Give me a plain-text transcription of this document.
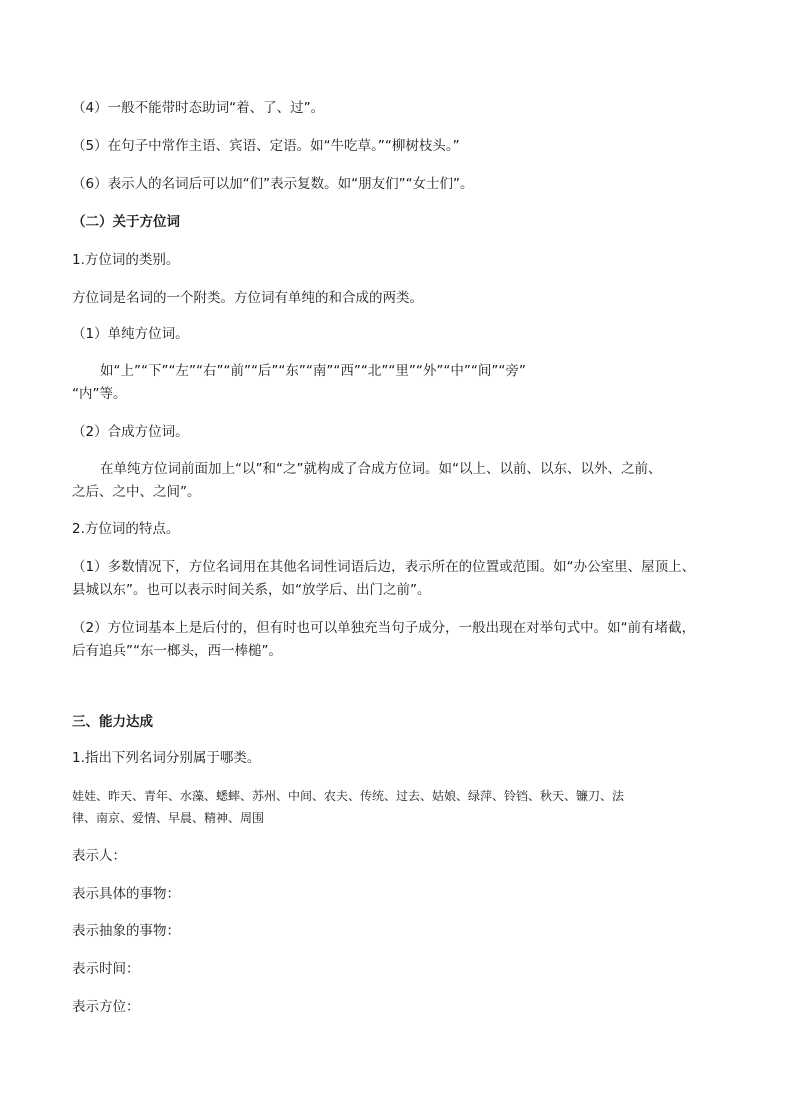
（4）一般不能带时态助词“着、了、过”。
（5）在句子中常作主语、宾语、定语。如“牛吃草。”“柳树枝头。”
（6）表示人的名词后可以加“们”表示复数。如“朋友们”“女士们”。
（二）关于方位词
1.方位词的类别。
方位词是名词的一个附类。方位词有单纯的和合成的两类。
（1）单纯方位词。
如“上”“下”“左”“右”“前”“后”“东”“南”“西”“北”“里”“外”“中”“间”“旁”
“内”等。
（2）合成方位词。
在单纯方位词前面加上“以”和“之”就构成了合成方位词。如“以上、以前、以东、以外、之前、
之后、之中、之间”。
2.方位词的特点。
（1）多数情况下，方位名词用在其他名词性词语后边，表示所在的位置或范围。如“办公室里、屋顶上、
县城以东”。也可以表示时间关系，如“放学后、出门之前”。
（2）方位词基本上是后付的，但有时也可以单独充当句子成分，一般出现在对举句式中。如“前有堵截，
后有追兵”“东一榔头，西一棒槌”。
三、能力达成
1.指出下列名词分别属于哪类。
娃娃、昨天、青年、水藻、蟋蟀、苏州、中间、农夫、传统、过去、姑娘、绿萍、铃铛、秋天、镰刀、法
律、南京、爱情、早晨、精神、周围
表示人：
表示具体的事物：
表示抽象的事物：
表示时间：
表示方位：
